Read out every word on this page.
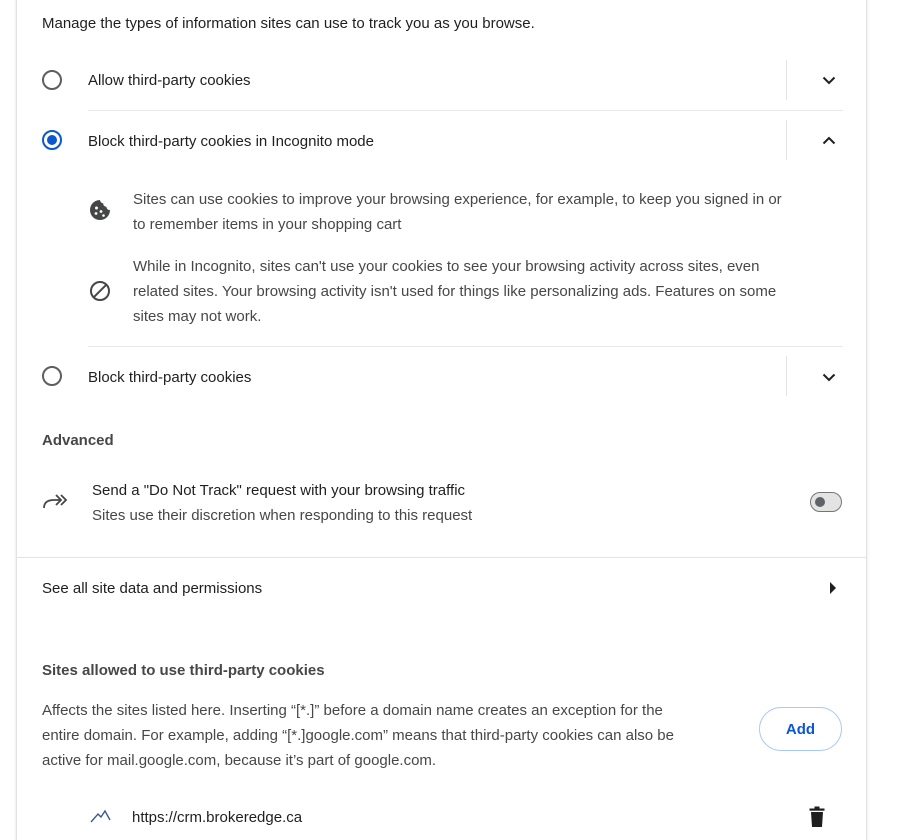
Manage the types of information sites can use to track you as you browse.
Allow third-party cookies
Block third-party cookies in Incognito mode
Sites can use cookies to improve your browsing experience, for example, to keep you signed in or
to remember items in your shopping cart
While in Incognito, sites can't use your cookies to see your browsing activity across sites, even
related sites. Your browsing activity isn't used for things like personalizing ads. Features on some
sites may not work.
Block third-party cookies
Advanced
Send a "Do Not Track" request with your browsing traffic
Sites use their discretion when responding to this request
See all site data and permissions
Sites allowed to use third-party cookies
Affects the sites listed here. Inserting “[*.]” before a domain name creates an exception for the
entire domain. For example, adding “[*.]google.com” means that third-party cookies can also be
active for mail.google.com, because it’s part of google.com.
Add
https://crm.brokeredge.ca
